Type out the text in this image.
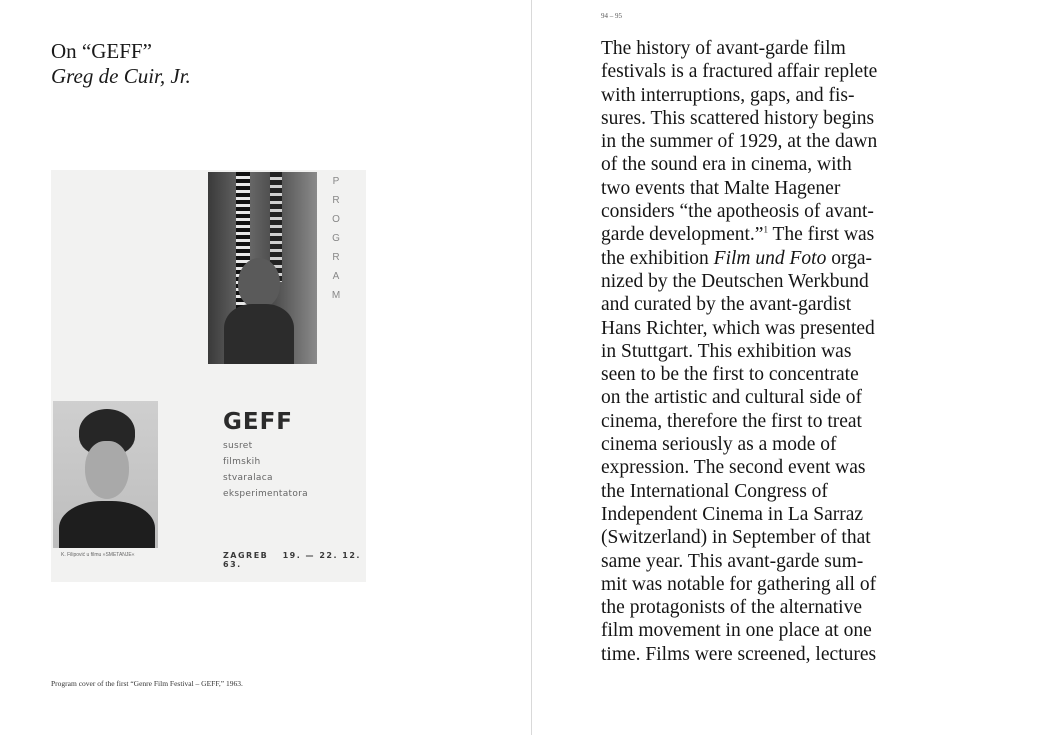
On “GEFF”
Greg de Cuir, Jr.
P
R
O
G
R
A
M
K. Filipović u filmu »SMETANJE«
GEFF
susret
filmskih
stvaralaca
eksperimentatora
ZAGREB 19. — 22. 12. 63.
Program cover of the first “Genre Film Festival – GEFF,” 1963.
94 – 95
The history of avant-garde film
festivals is a fractured affair replete
with interruptions, gaps, and fis-
sures. This scattered history begins
in the summer of 1929, at the dawn
of the sound era in cinema, with
two events that Malte Hagener
considers “the apotheosis of avant-
garde development.”$^1$ The first was
the exhibition Film und Foto orga-
nized by the Deutschen Werkbund
and curated by the avant-gardist
Hans Richter, which was presented
in Stuttgart. This exhibition was
seen to be the first to concentrate
on the artistic and cultural side of
cinema, therefore the first to treat
cinema seriously as a mode of
expression. The second event was
the International Congress of
Independent Cinema in La Sarraz
(Switzerland) in September of that
same year. This avant-garde sum-
mit was notable for gathering all of
the protagonists of the alternative
film movement in one place at one
time. Films were screened, lectures
